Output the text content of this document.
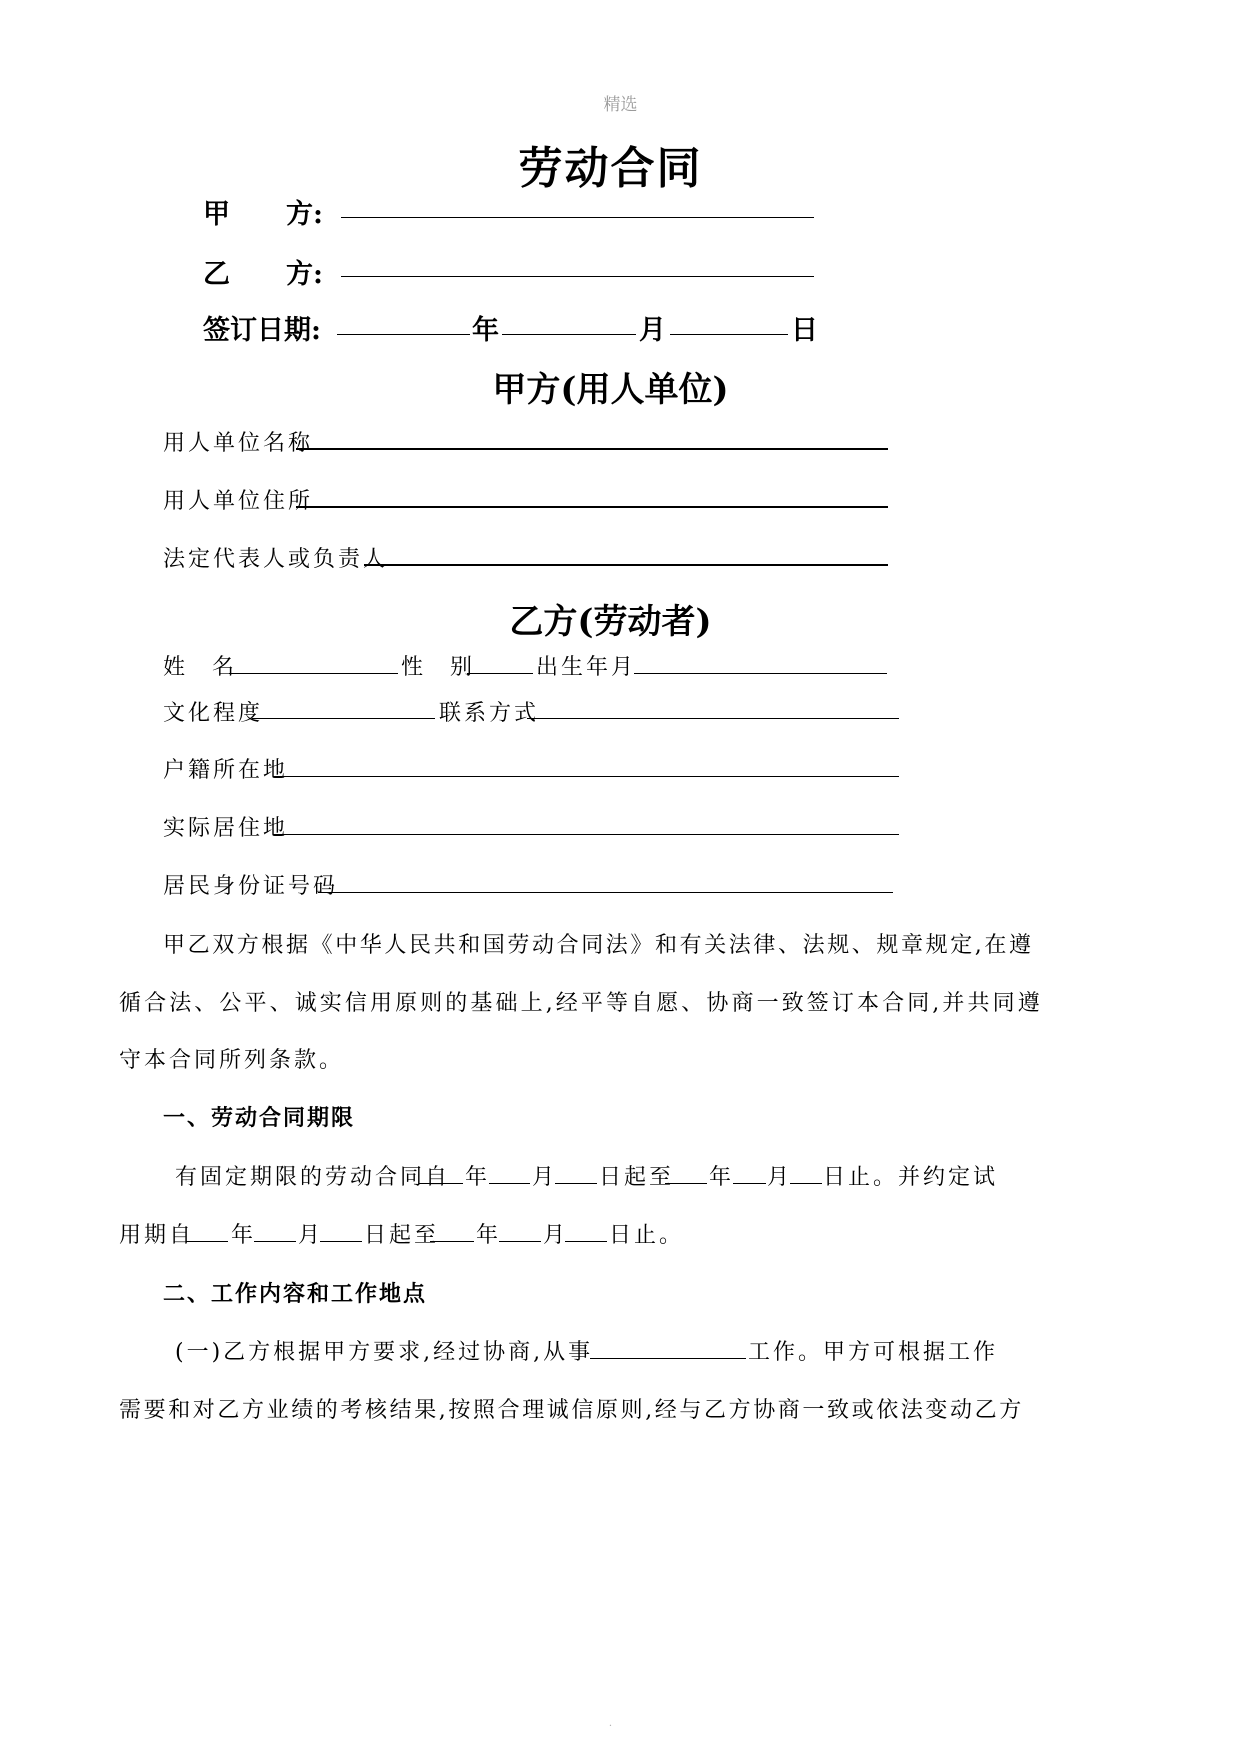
精选
劳动合同
甲 方:
乙 方:
签订日期:	年	月	日
甲方(用人单位)
用人单位名称
用人单位住所
法定代表人或负责人
乙方(劳动者)
姓 名	性 别 出生年月
文化程度	联系方式
户籍所在地
实际居住地
居民身份证号码
甲乙双方根据《中华人民共和国劳动合同法》和有关法律、法规、规章规定,在遵
循合法、公平、诚实信用原则的基础上,经平等自愿、协商一致签订本合同,并共同遵
守本合同所列条款。
一、劳动合同期限
有固定期限的劳动合同自 年 月 日起至 年 月 日止。并约定试
用期自 年 月 日起至 年 月 日止。
二、工作内容和工作地点
(一)乙方根据甲方要求,经过协商,从事	工作。甲方可根据工作
需要和对乙方业绩的考核结果,按照合理诚信原则,经与乙方协商一致或依法变动乙方
.
